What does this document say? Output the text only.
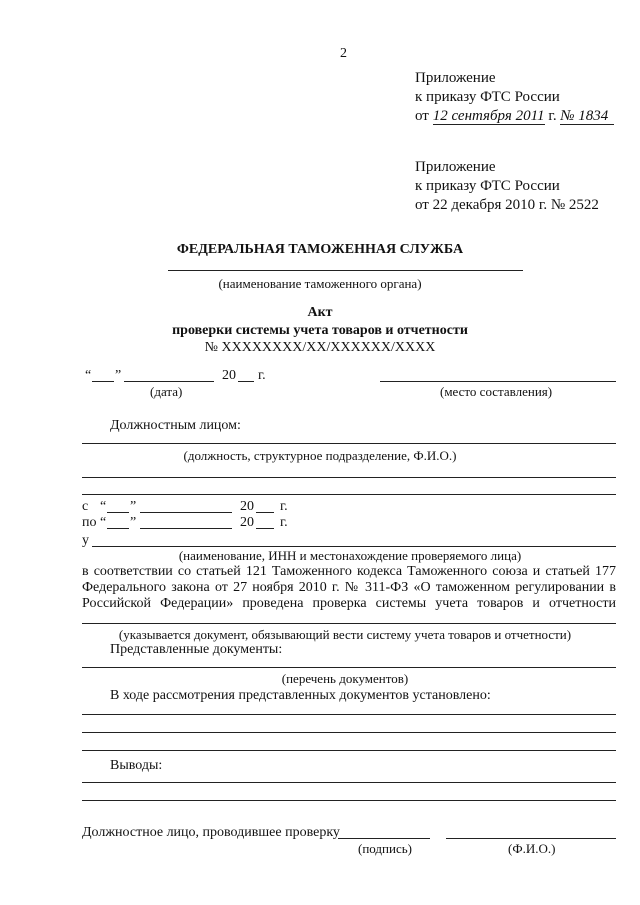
2
Приложение
к приказу ФТС России
от 12 сентября 2011 г. № 1834
Приложение
к приказу ФТС России
от 22 декабря 2010 г. № 2522
ФЕДЕРАЛЬНАЯ ТАМОЖЕННАЯ СЛУЖБА
(наименование таможенного органа)
Акт
проверки системы учета товаров и отчетности
№ XXXXXXXX/XX/XXXXXX/XXXX
“ ”	20 г.
(дата)	(место составления)
Должностным лицом:
(должность, структурное подразделение, Ф.И.О.)
с “ ”	20 г.
по “ ”	20 г.
у
(наименование, ИНН и местонахождение проверяемого лица)
в соответствии со статьей 121 Таможенного кодекса Таможенного союза и статьей 177
Федерального закона от 27 ноября 2010 г. № 311-ФЗ «О таможенном регулировании в
Российской Федерации» проведена проверка системы учета товаров и отчетности
(указывается документ, обязывающий вести систему учета товаров и отчетности)
Представленные документы:
(перечень документов)
В ходе рассмотрения представленных документов установлено:
Выводы:
Должностное лицо, проводившее проверку
(подпись)	(Ф.И.О.)
